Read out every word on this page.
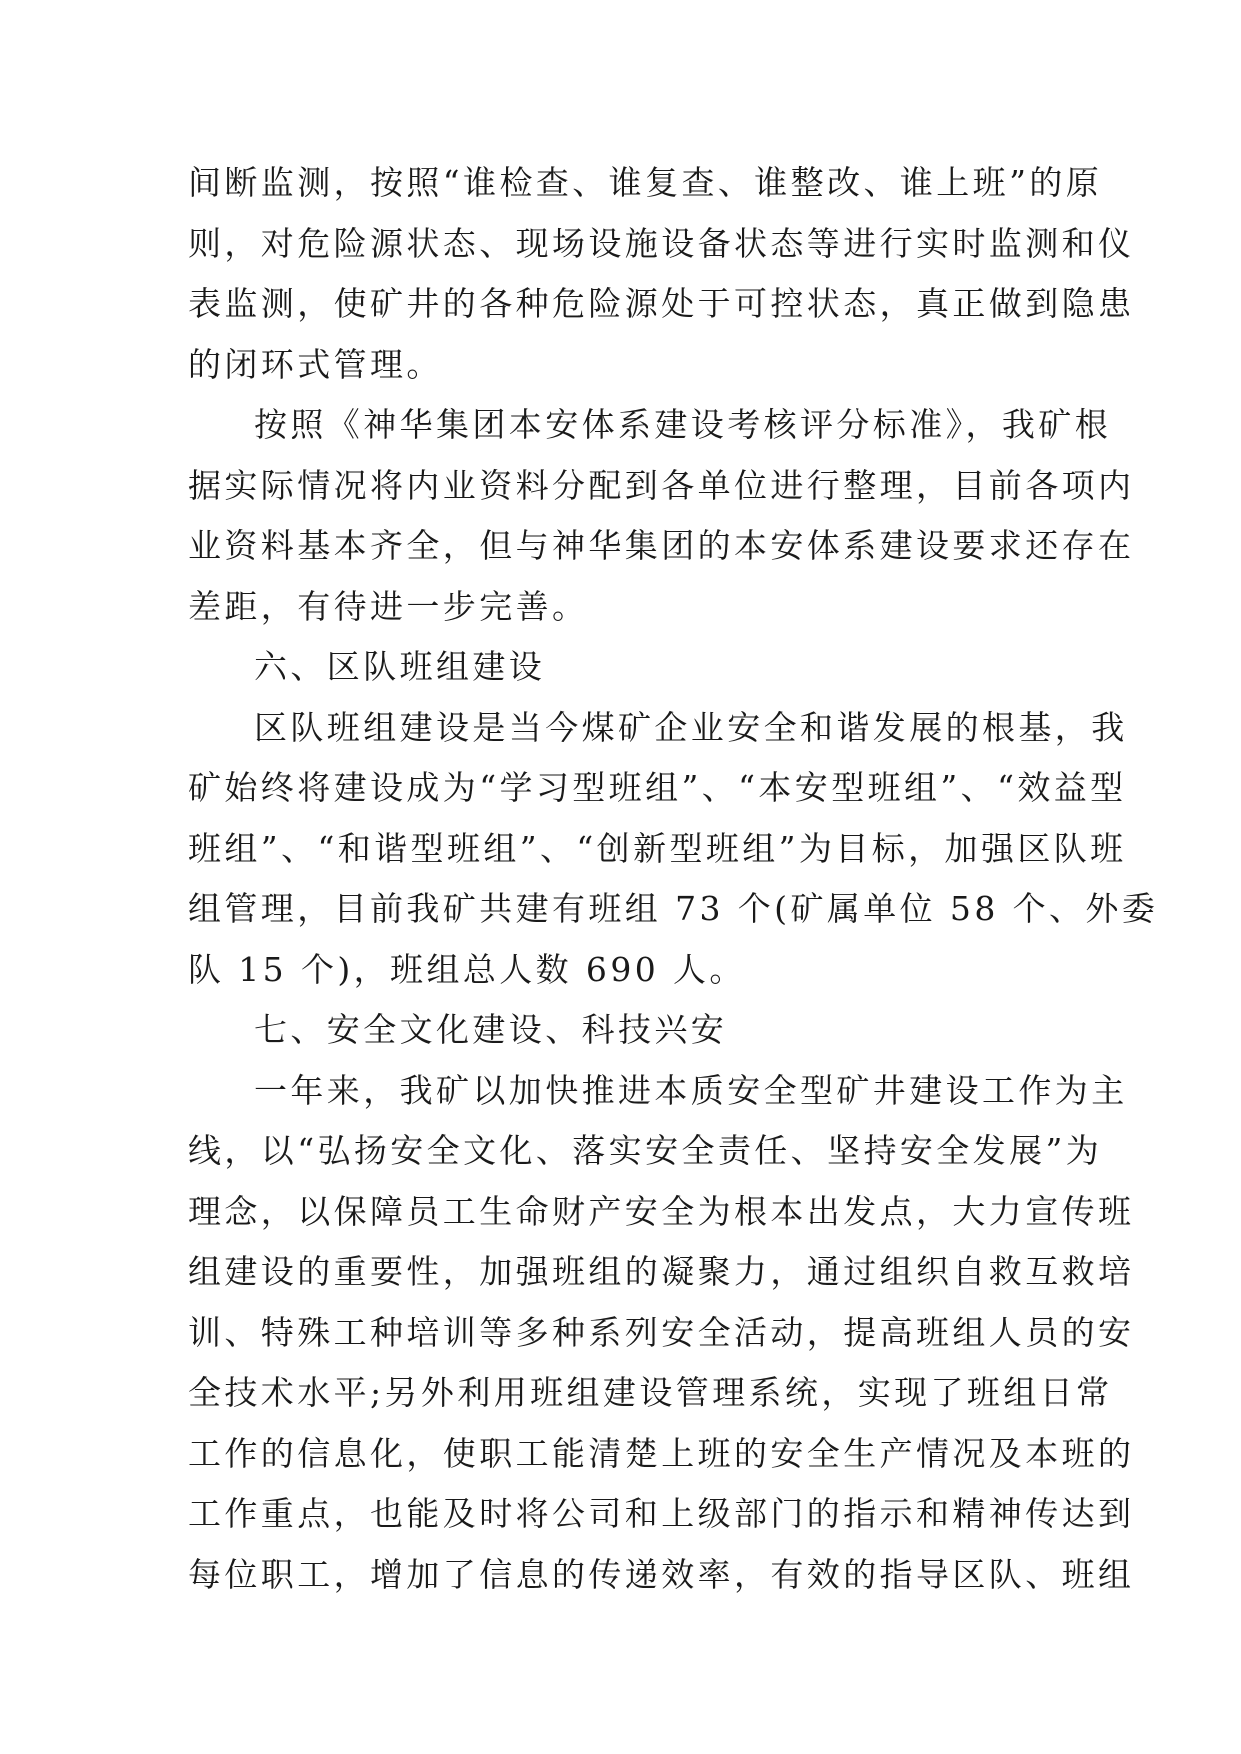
间断监测，按照“谁检查、谁复查、谁整改、谁上班”的原
则，对危险源状态、现场设施设备状态等进行实时监测和仪
表监测，使矿井的各种危险源处于可控状态，真正做到隐患
的闭环式管理。
按照《神华集团本安体系建设考核评分标准》，我矿根
据实际情况将内业资料分配到各单位进行整理，目前各项内
业资料基本齐全，但与神华集团的本安体系建设要求还存在
差距，有待进一步完善。
六、区队班组建设
区队班组建设是当今煤矿企业安全和谐发展的根基，我
矿始终将建设成为“学习型班组”、“本安型班组”、“效益型
班组”、“和谐型班组”、“创新型班组”为目标，加强区队班
组管理，目前我矿共建有班组 73 个(矿属单位 58 个、外委
队 15 个)，班组总人数 690 人。
七、安全文化建设、科技兴安
一年来，我矿以加快推进本质安全型矿井建设工作为主
线，以“弘扬安全文化、落实安全责任、坚持安全发展”为
理念，以保障员工生命财产安全为根本出发点，大力宣传班
组建设的重要性，加强班组的凝聚力，通过组织自救互救培
训、特殊工种培训等多种系列安全活动，提高班组人员的安
全技术水平;另外利用班组建设管理系统，实现了班组日常
工作的信息化，使职工能清楚上班的安全生产情况及本班的
工作重点，也能及时将公司和上级部门的指示和精神传达到
每位职工，增加了信息的传递效率，有效的指导区队、班组
